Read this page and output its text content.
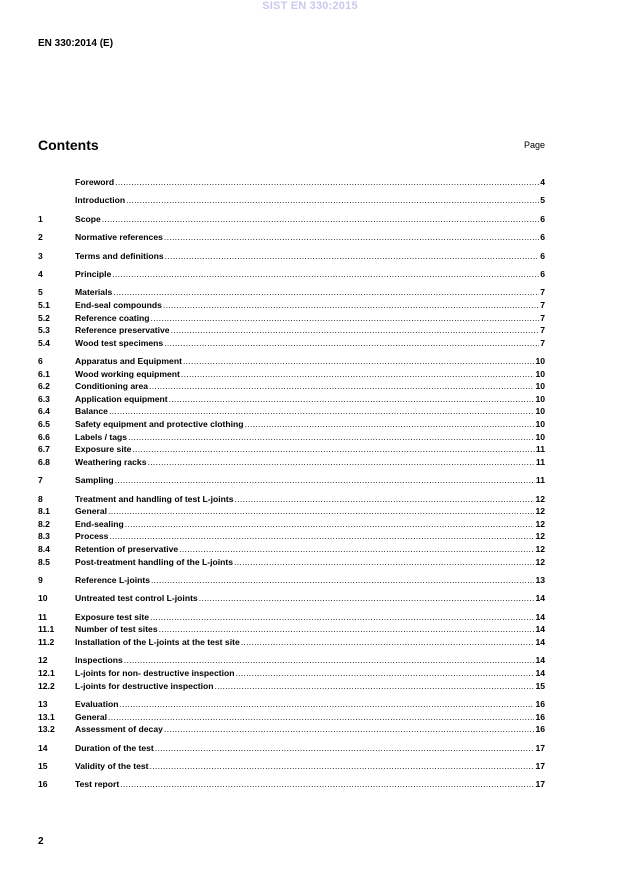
SIST EN 330:2015
EN 330:2014 (E)
Contents	Page
Foreword .....	4
Introduction .....	5
1	Scope .....	6
2	Normative references .....	6
3	Terms and definitions .....	6
4	Principle .....	6
5	Materials .....	7
5.1	End-seal compounds .....	7
5.2	Reference coating .....	7
5.3	Reference preservative .....	7
5.4	Wood test specimens .....	7
6	Apparatus and Equipment .....	10
6.1	Wood working equipment .....	10
6.2	Conditioning area .....	10
6.3	Application equipment .....	10
6.4	Balance .....	10
6.5	Safety equipment and protective clothing .....	10
6.6	Labels / tags .....	10
6.7	Exposure site .....	11
6.8	Weathering racks .....	11
7	Sampling .....	11
8	Treatment and handling of test L-joints .....	12
8.1	General .....	12
8.2	End-sealing .....	12
8.3	Process .....	12
8.4	Retention of preservative .....	12
8.5	Post-treatment handling of the L-joints .....	12
9	Reference L-joints .....	13
10	Untreated test control L-joints .....	14
11	Exposure test site .....	14
11.1	Number of test sites .....	14
11.2	Installation of the L-joints at the test site .....	14
12	Inspections .....	14
12.1	L-joints for non- destructive inspection .....	14
12.2	L-joints for destructive inspection .....	15
13	Evaluation .....	16
13.1	General .....	16
13.2	Assessment of decay .....	16
14	Duration of the test .....	17
15	Validity of the test .....	17
16	Test report .....	17
2
